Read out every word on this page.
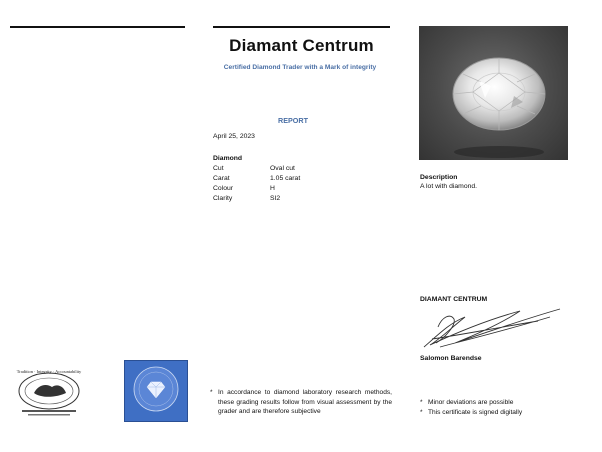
Diamant Centrum
Certified Diamond Trader with a Mark of integrity
REPORT
April 25, 2023
Diamond
Cut	Oval cut
Carat	1.05 carat
Colour	H
Clarity	SI2
Description
A lot with diamond.
DIAMANT CENTRUM
Salomon Barendse
Tradition · Integrity · Accountability
* In accordance to diamond laboratory research methods, these grading results follow from visual assessment by the grader and are therefore subjective
* Minor deviations are possible
* This certificate is signed digitally
